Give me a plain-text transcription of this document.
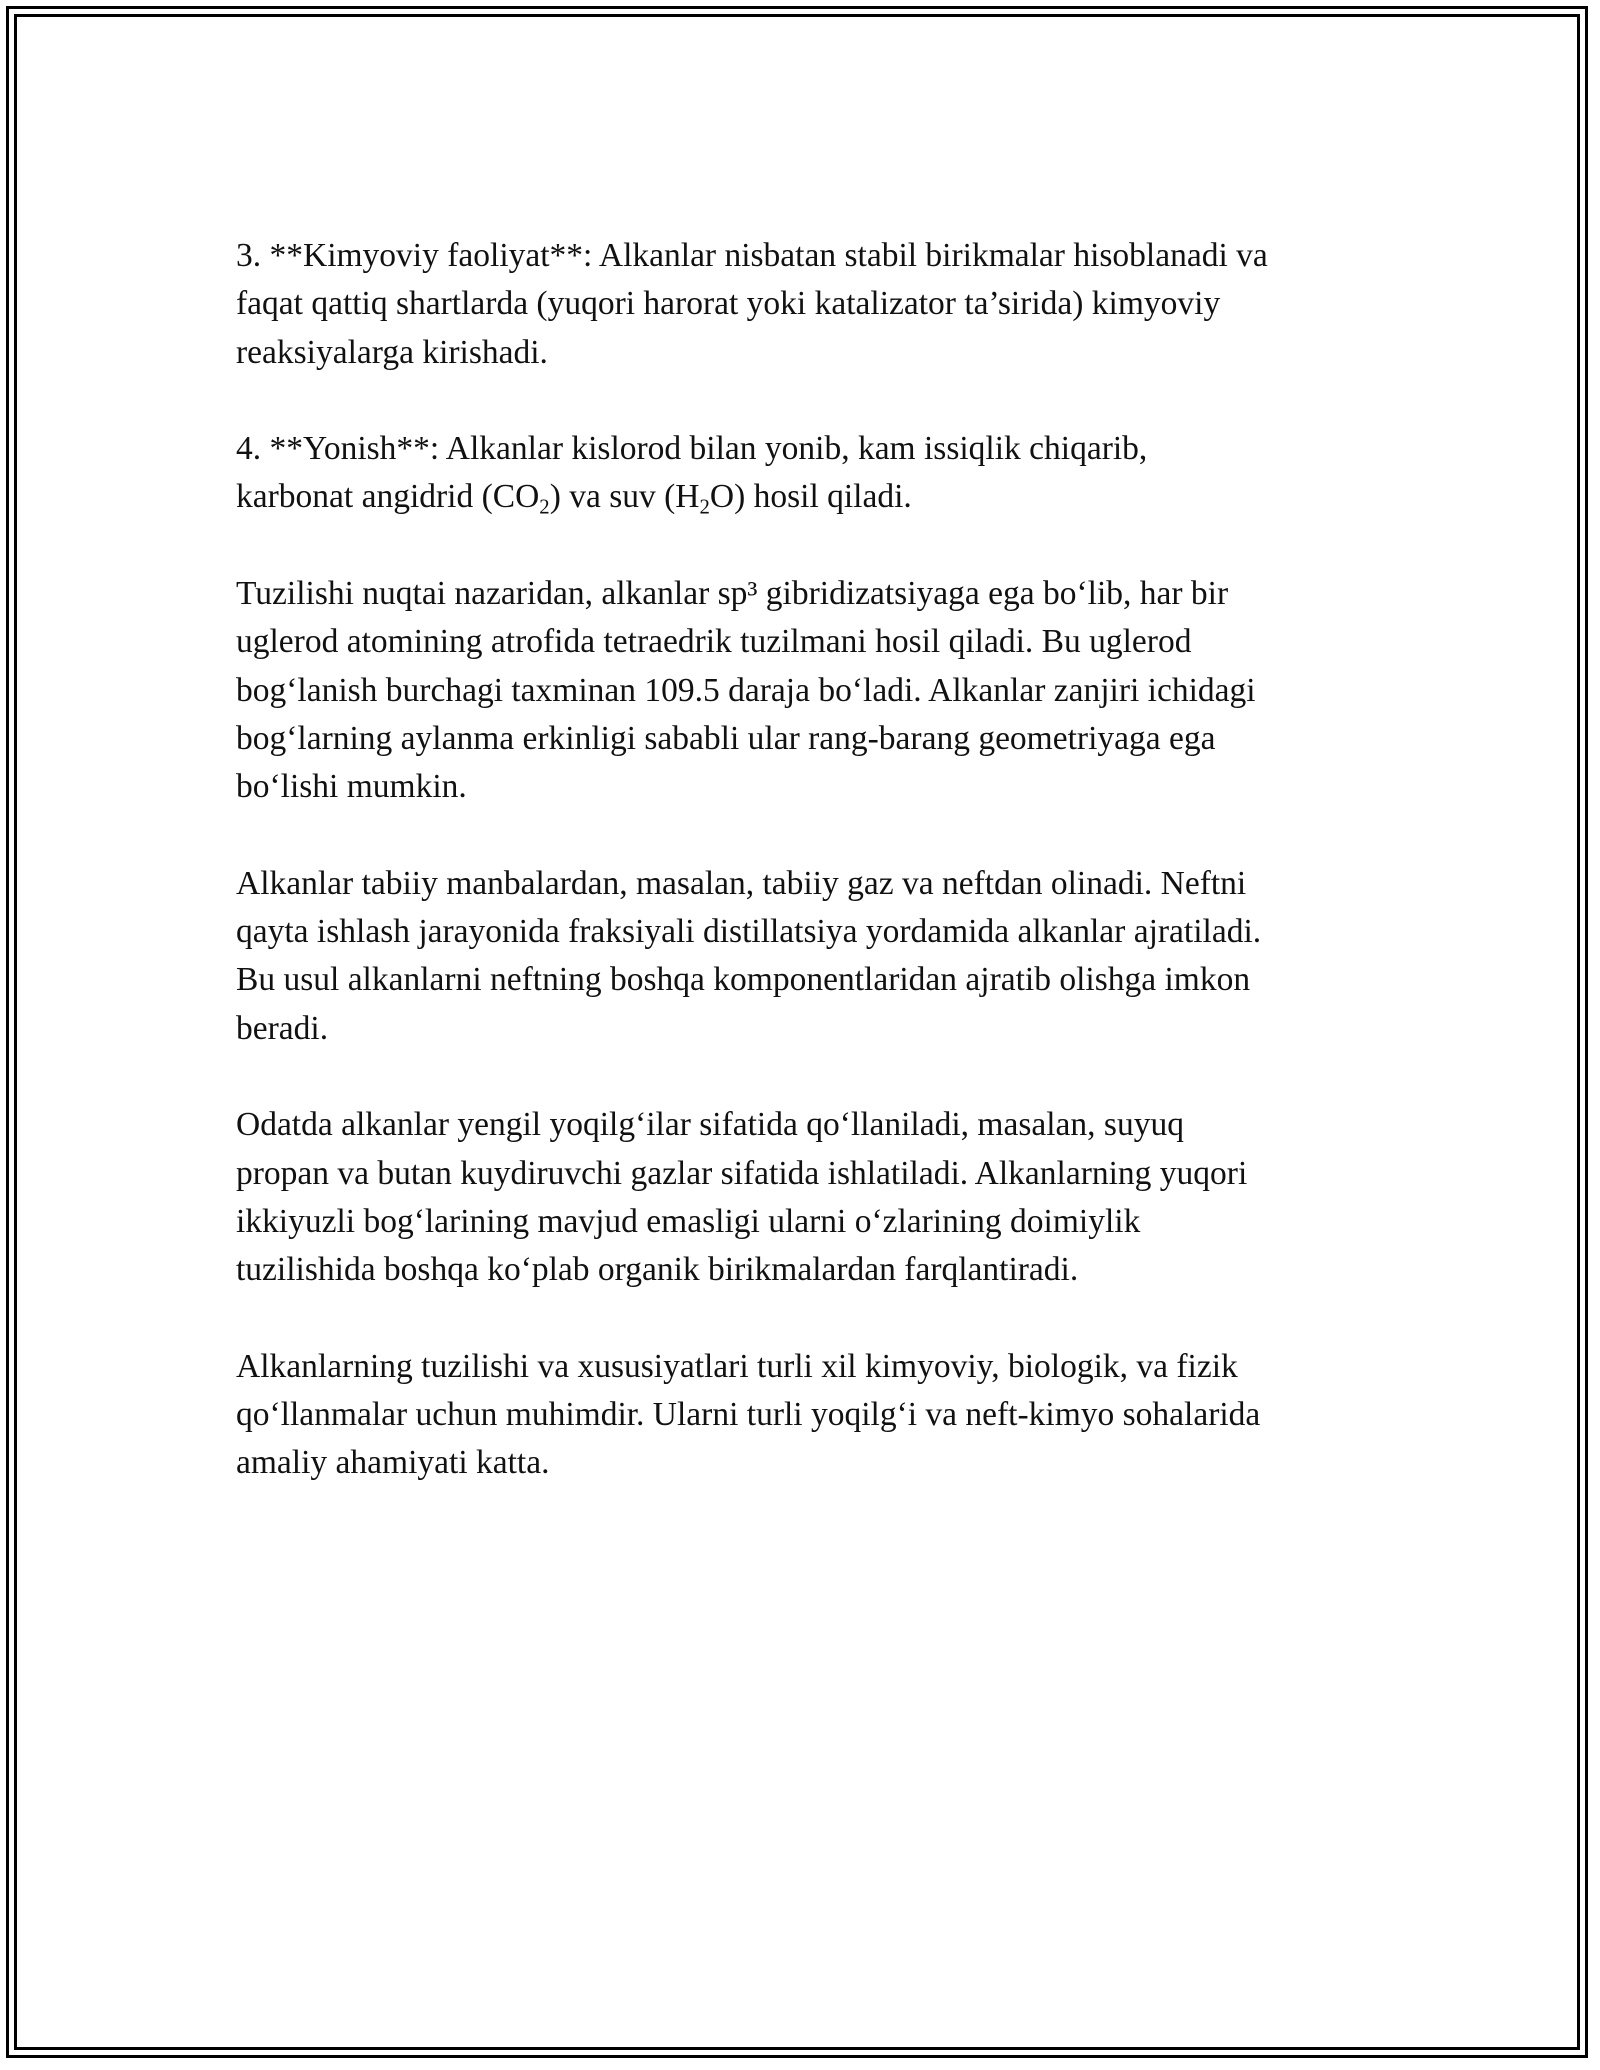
3. **Kimyoviy faoliyat**: Alkanlar nisbatan stabil birikmalar hisoblanadi va
faqat qattiq shartlarda (yuqori harorat yoki katalizator ta’sirida) kimyoviy
reaksiyalarga kirishadi.

4. **Yonish**: Alkanlar kislorod bilan yonib, kam issiqlik chiqarib,
karbonat angidrid $(CO_2)$ va suv $(H_2O)$ hosil qiladi.

Tuzilishi nuqtai nazaridan, alkanlar sp³ gibridizatsiyaga ega bo‘lib, har bir
uglerod atomining atrofida tetraedrik tuzilmani hosil qiladi. Bu uglerod
bog‘lanish burchagi taxminan 109.5 daraja bo‘ladi. Alkanlar zanjiri ichidagi
bog‘larning aylanma erkinligi sababli ular rang-barang geometriyaga ega
bo‘lishi mumkin.

Alkanlar tabiiy manbalardan, masalan, tabiiy gaz va neftdan olinadi. Neftni
qayta ishlash jarayonida fraksiyali distillatsiya yordamida alkanlar ajratiladi.
Bu usul alkanlarni neftning boshqa komponentlaridan ajratib olishga imkon
beradi.

Odatda alkanlar yengil yoqilg‘ilar sifatida qo‘llaniladi, masalan, suyuq
propan va butan kuydiruvchi gazlar sifatida ishlatiladi. Alkanlarning yuqori
ikkiyuzli bog‘larining mavjud emasligi ularni o‘zlarining doimiylik
tuzilishida boshqa ko‘plab organik birikmalardan farqlantiradi.

Alkanlarning tuzilishi va xususiyatlari turli xil kimyoviy, biologik, va fizik
qo‘llanmalar uchun muhimdir. Ularni turli yoqilg‘i va neft-kimyo sohalarida
amaliy ahamiyati katta.
